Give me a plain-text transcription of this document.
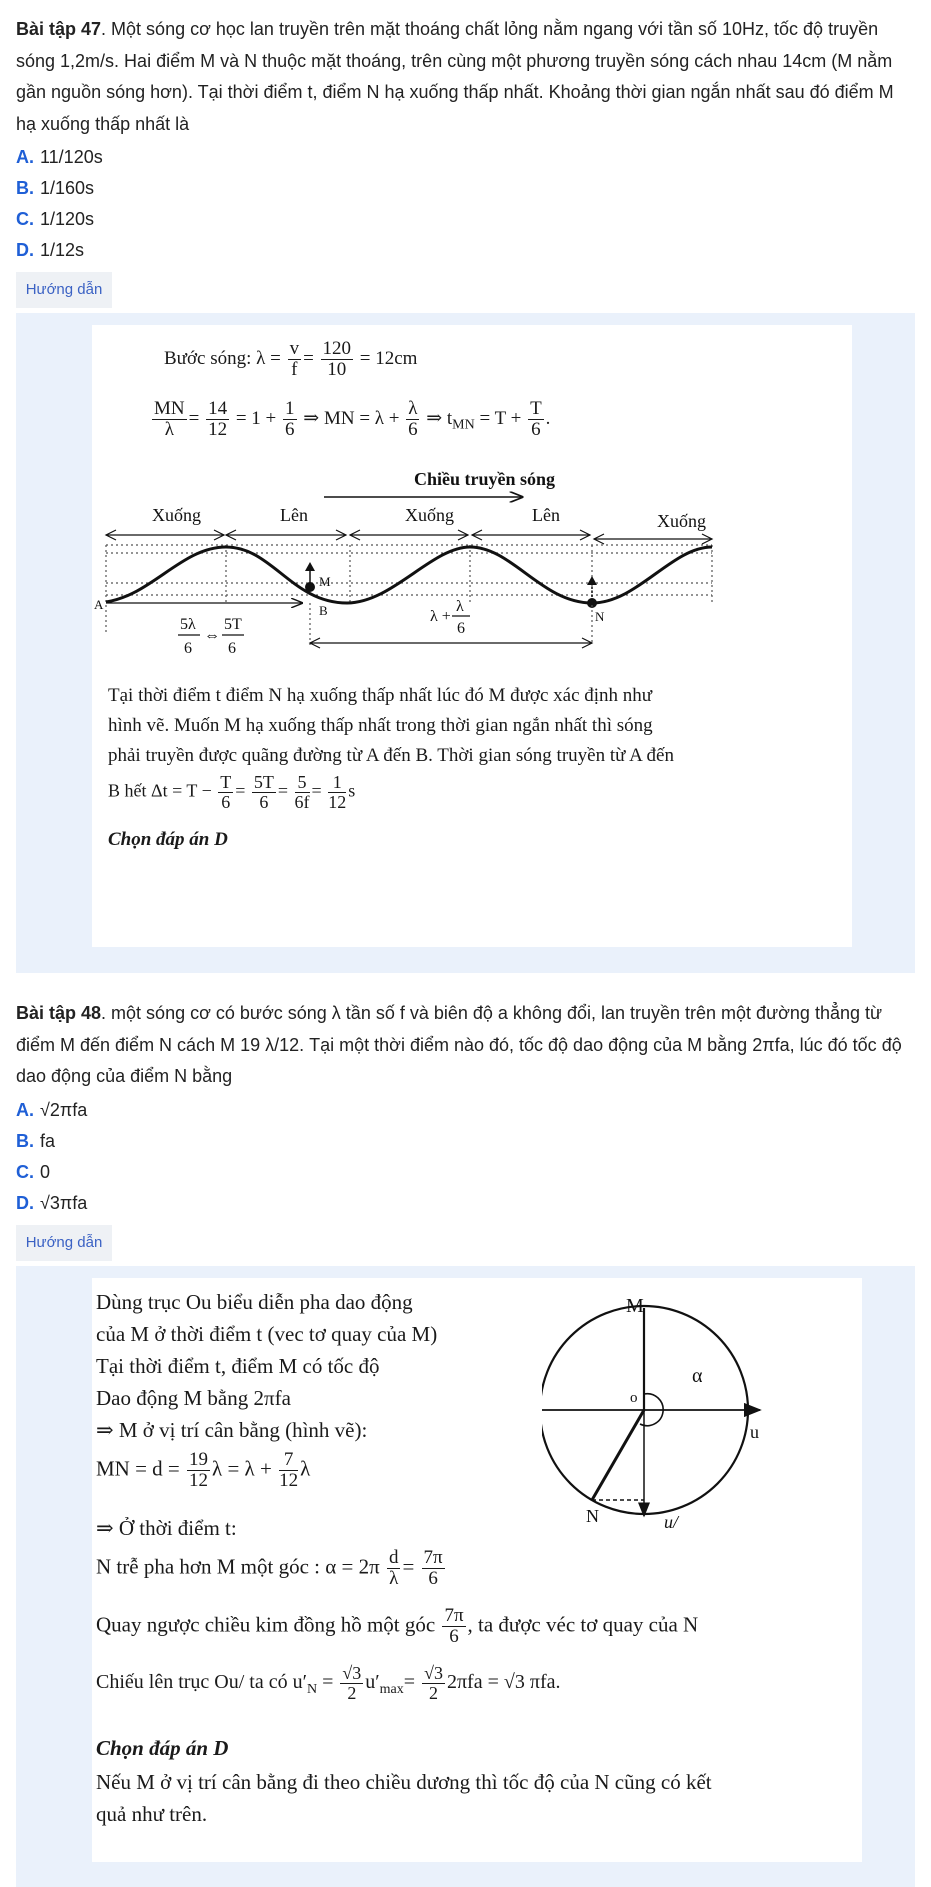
Bài tập 47. Một sóng cơ học lan truyền trên mặt thoáng chất lỏng nằm ngang với tần số 10Hz, tốc độ truyền sóng 1,2m/s. Hai điểm M và N thuộc mặt thoáng, trên cùng một phương truyền sóng cách nhau 14cm (M nằm gần nguồn sóng hơn). Tại thời điểm t, điểm N hạ xuống thấp nhất. Khoảng thời gian ngắn nhất sau đó điểm M hạ xuống thấp nhất là
A. 11/120s
B. 1/160s
C. 1/120s
D. 1/12s
Hướng dẫn
Bước sóng: $\lambda = \frac{v}{f} = \frac{120}{10} = 12cm$
$\frac{MN}{\lambda} = \frac{14}{12} = 1 + \frac{1}{6}$ ⇒ MN = $\lambda + \frac{\lambda}{6}$ ⇒ $t_{MN} = T + \frac{T}{6}$ .
Chiều truyền sóng
Xuống	Lên	Xuống	Lên	Xuống
A
M
B	N
λ +
λ
6
5λ
6
⇔
5T
6
Tại thời điểm t điểm N hạ xuống thấp nhất lúc đó M được xác định như
hình vẽ. Muốn M hạ xuống thấp nhất trong thời gian ngắn nhất thì sóng
phải truyền được quãng đường từ A đến B. Thời gian sóng truyền từ A đến
B hết $\Delta t = T - \frac{T}{6} = \frac{5T}{6} = \frac{5}{6f} = \frac{1}{12}$ s
Chọn đáp án D
Bài tập 48. một sóng cơ có bước sóng λ tần số f và biên độ a không đổi, lan truyền trên một đường thẳng từ điểm M đến điểm N cách M 19 λ/12. Tại một thời điểm nào đó, tốc độ dao động của M bằng 2πfa, lúc đó tốc độ dao động của điểm N bằng
A. √2πfa
B. fa
C. 0
D. √3πfa
Hướng dẫn
Dùng trục Ou biểu diễn pha dao động
của M ở thời điểm t (vec tơ quay của M)
Tại thời điểm t, điểm M có tốc độ
Dao động M bằng 2πfa
⇒ M ở vị trí cân bằng (hình vẽ):
MN = $d = \frac{19}{12}$ $\lambda = \lambda + \frac{7}{12}$ λ
⇒ Ở thời điểm t:
N trễ pha hơn M một góc : $\alpha = 2\pi \frac{d}{\lambda} = \frac{7\pi}{6}$
M
α
o
u
N	u/
Quay ngược chiều kim đồng hồ một góc $\frac{7\pi}{6}$ , ta được véc tơ quay của N
Chiếu lên trục Ou/ ta có $u'_N = \frac{√3}{2} u'_{max}= \frac{√3}{2} 2\pi fa = √3$ πfa.
Chọn đáp án D
Nếu M ở vị trí cân bằng đi theo chiều dương thì tốc độ của N cũng có kết
quả như trên.
